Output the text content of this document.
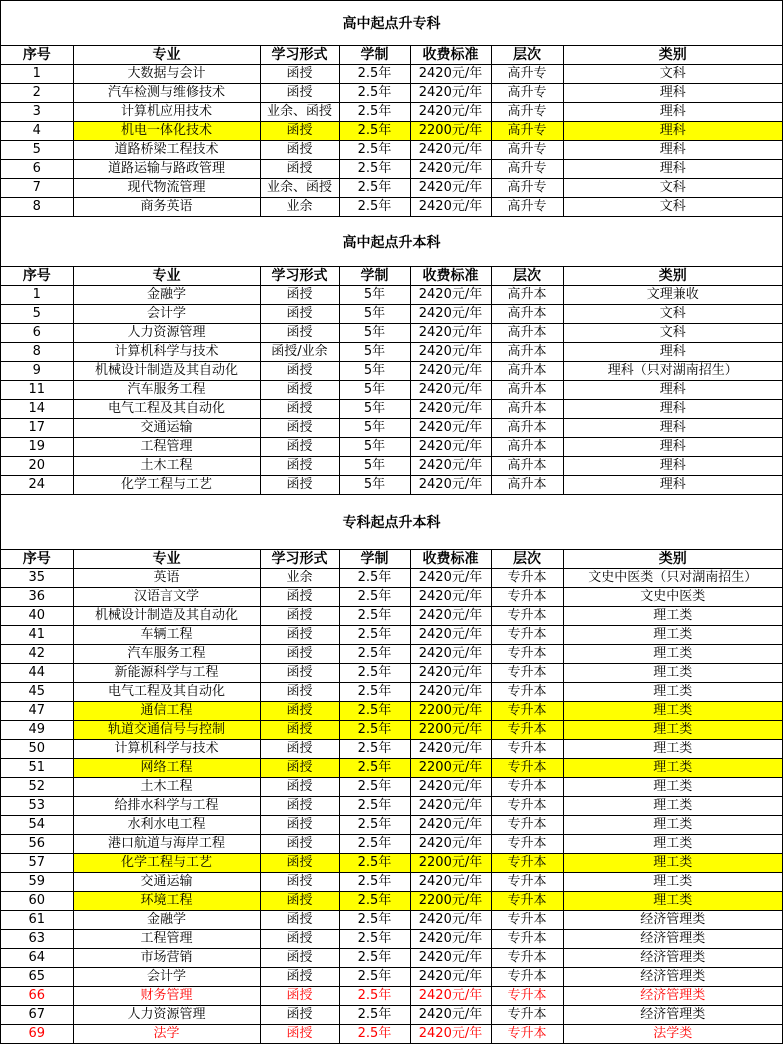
高中起点升专科
序号	专业	学习形式	学制	收费标准	层次	类别
1	大数据与会计	函授	2.5年	2420元/年	高升专	文科
2	汽车检测与维修技术	函授	2.5年	2420元/年	高升专	理科
3	计算机应用技术	业余、函授	2.5年	2420元/年	高升专	理科
4	机电一体化技术	函授	2.5年	2200元/年	高升专	理科
5	道路桥梁工程技术	函授	2.5年	2420元/年	高升专	理科
6	道路运输与路政管理	函授	2.5年	2420元/年	高升专	理科
7	现代物流管理	业余、函授	2.5年	2420元/年	高升专	文科
8	商务英语	业余	2.5年	2420元/年	高升专	文科
高中起点升本科
序号	专业	学习形式	学制	收费标准	层次	类别
1	金融学	函授	5年	2420元/年	高升本	文理兼收
5	会计学	函授	5年	2420元/年	高升本	文科
6	人力资源管理	函授	5年	2420元/年	高升本	文科
8	计算机科学与技术	函授/业余	5年	2420元/年	高升本	理科
9	机械设计制造及其自动化	函授	5年	2420元/年	高升本	理科（只对湖南招生）
11	汽车服务工程	函授	5年	2420元/年	高升本	理科
14	电气工程及其自动化	函授	5年	2420元/年	高升本	理科
17	交通运输	函授	5年	2420元/年	高升本	理科
19	工程管理	函授	5年	2420元/年	高升本	理科
20	土木工程	函授	5年	2420元/年	高升本	理科
24	化学工程与工艺	函授	5年	2420元/年	高升本	理科
专科起点升本科
序号	专业	学习形式	学制	收费标准	层次	类别
35	英语	业余	2.5年	2420元/年	专升本	文史中医类（只对湖南招生）
36	汉语言文学	函授	2.5年	2420元/年	专升本	文史中医类
40	机械设计制造及其自动化	函授	2.5年	2420元/年	专升本	理工类
41	车辆工程	函授	2.5年	2420元/年	专升本	理工类
42	汽车服务工程	函授	2.5年	2420元/年	专升本	理工类
44	新能源科学与工程	函授	2.5年	2420元/年	专升本	理工类
45	电气工程及其自动化	函授	2.5年	2420元/年	专升本	理工类
47	通信工程	函授	2.5年	2200元/年	专升本	理工类
49	轨道交通信号与控制	函授	2.5年	2200元/年	专升本	理工类
50	计算机科学与技术	函授	2.5年	2420元/年	专升本	理工类
51	网络工程	函授	2.5年	2200元/年	专升本	理工类
52	土木工程	函授	2.5年	2420元/年	专升本	理工类
53	给排水科学与工程	函授	2.5年	2420元/年	专升本	理工类
54	水利水电工程	函授	2.5年	2420元/年	专升本	理工类
56	港口航道与海岸工程	函授	2.5年	2420元/年	专升本	理工类
57	化学工程与工艺	函授	2.5年	2200元/年	专升本	理工类
59	交通运输	函授	2.5年	2420元/年	专升本	理工类
60	环境工程	函授	2.5年	2200元/年	专升本	理工类
61	金融学	函授	2.5年	2420元/年	专升本	经济管理类
63	工程管理	函授	2.5年	2420元/年	专升本	经济管理类
64	市场营销	函授	2.5年	2420元/年	专升本	经济管理类
65	会计学	函授	2.5年	2420元/年	专升本	经济管理类
66	财务管理	函授	2.5年	2420元/年	专升本	经济管理类
67	人力资源管理	函授	2.5年	2420元/年	专升本	经济管理类
69	法学	函授	2.5年	2420元/年	专升本	法学类
